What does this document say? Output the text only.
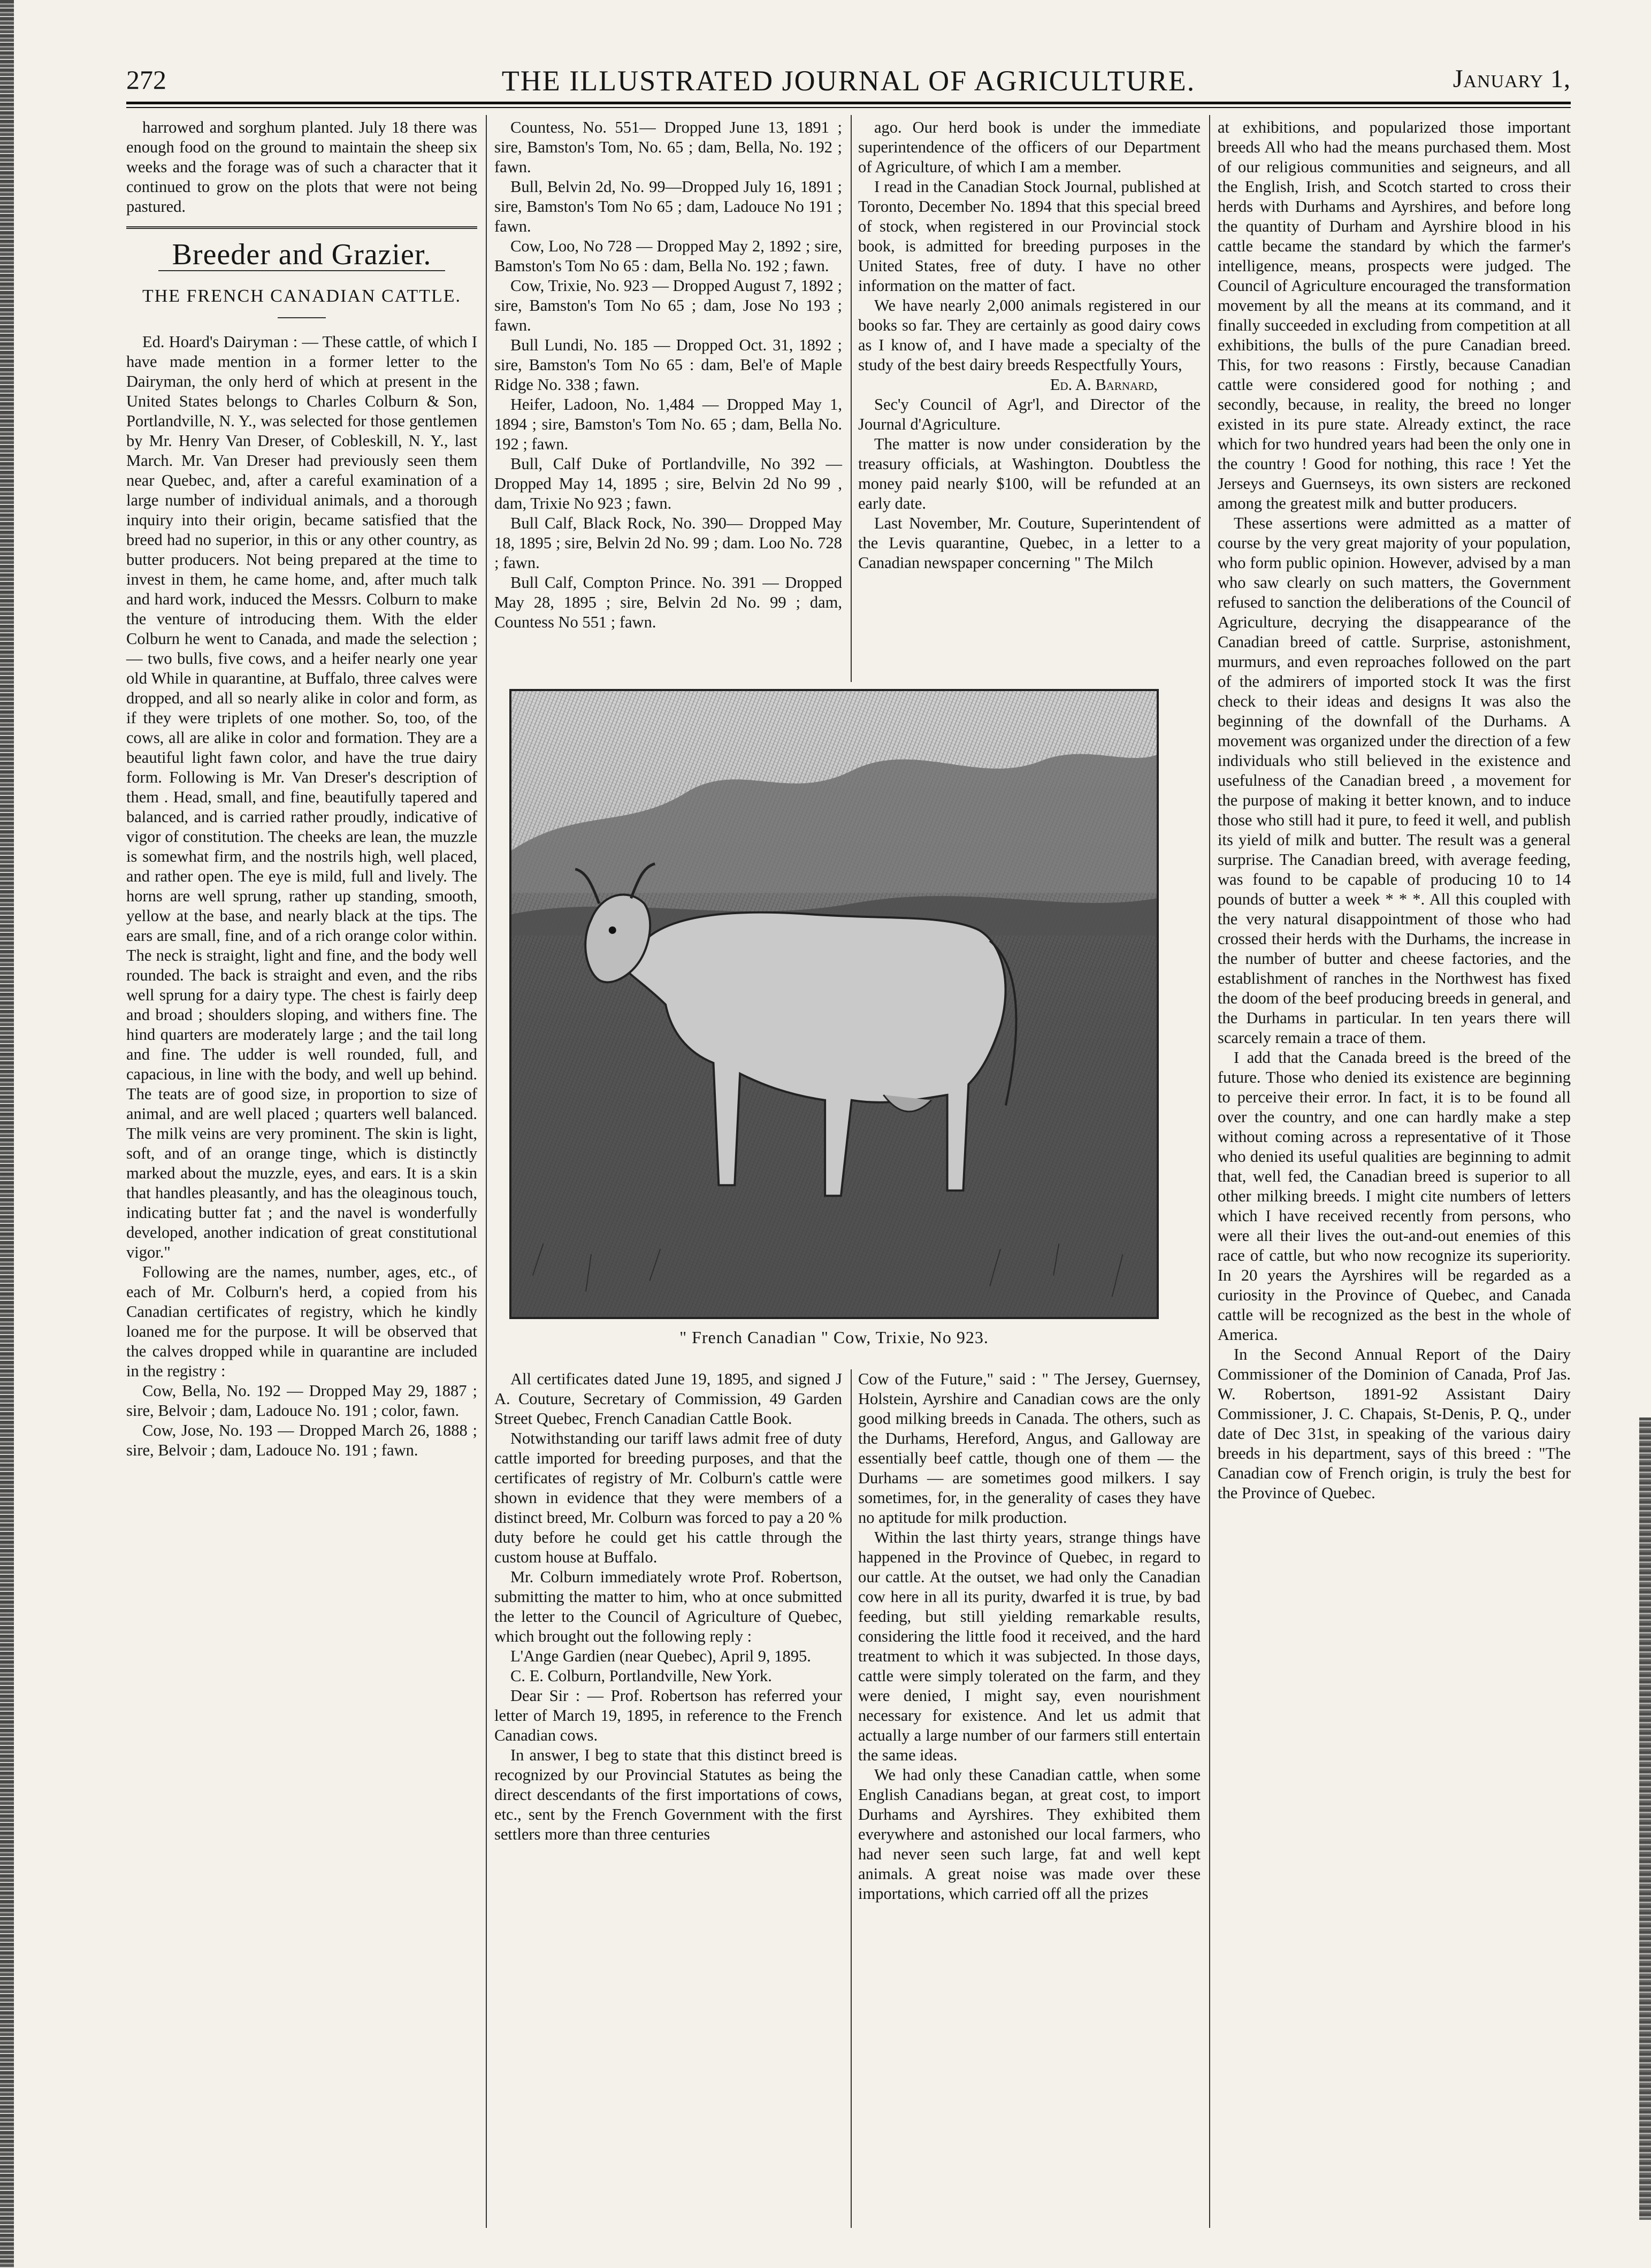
272	THE ILLUSTRATED JOURNAL OF AGRICULTURE.	January 1,

harrowed and sorghum planted. July 18 there was enough food on the ground to maintain the sheep six weeks and the forage was of such a character that it continued to grow on the plots that were not being pastured.

Breeder and Grazier.
THE FRENCH CANADIAN CATTLE.

Ed. Hoard's Dairyman : — These cattle, of which I have made mention in a former letter to the Dairyman, the only herd of which at present in the United States belongs to Charles Colburn & Son, Portlandville, N. Y., was selected for those gentlemen by Mr. Henry Van Dreser, of Cobleskill, N. Y., last March. Mr. Van Dreser had previously seen them near Quebec, and, after a careful examination of a large number of individual animals, and a thorough inquiry into their origin, became satisfied that the breed had no superior, in this or any other country, as butter producers. Not being prepared at the time to invest in them, he came home, and, after much talk and hard work, induced the Messrs. Colburn to make the venture of introducing them. With the elder Colburn he went to Canada, and made the selection ; — two bulls, five cows, and a heifer nearly one year old While in quarantine, at Buffalo, three calves were dropped, and all so nearly alike in color and form, as if they were triplets of one mother. So, too, of the cows, all are alike in color and formation. They are a beautiful light fawn color, and have the true dairy form. Following is Mr. Van Dreser's description of them . Head, small, and fine, beautifully tapered and balanced, and is carried rather proudly, indicative of vigor of constitution. The cheeks are lean, the muzzle is somewhat firm, and the nostrils high, well placed, and rather open. The eye is mild, full and lively. The horns are well sprung, rather up standing, smooth, yellow at the base, and nearly black at the tips. The ears are small, fine, and of a rich orange color within. The neck is straight, light and fine, and the body well rounded. The back is straight and even, and the ribs well sprung for a dairy type. The chest is fairly deep and broad ; shoulders sloping, and withers fine. The hind quarters are moderately large ; and the tail long and fine. The udder is well rounded, full, and capacious, in line with the body, and well up behind. The teats are of good size, in proportion to size of animal, and are well placed ; quarters well balanced. The milk veins are very prominent. The skin is light, soft, and of an orange tinge, which is distinctly marked about the muzzle, eyes, and ears. It is a skin that handles pleasantly, and has the oleaginous touch, indicating butter fat ; and the navel is wonderfully developed, another indication of great constitutional vigor."

Following are the names, number, ages, etc., of each of Mr. Colburn's herd, a copied from his Canadian certificates of registry, which he kindly loaned me for the purpose. It will be observed that the calves dropped while in quarantine are included in the registry :

Cow, Bella, No. 192 — Dropped May 29, 1887 ; sire, Belvoir ; dam, Ladouce No. 191 ; color, fawn.

Cow, Jose, No. 193 — Dropped March 26, 1888 ; sire, Belvoir ; dam, Ladouce No. 191 ; fawn.

Countess, No. 551— Dropped June 13, 1891 ; sire, Bamston's Tom, No. 65 ; dam, Bella, No. 192 ; fawn.

Bull, Belvin 2d, No. 99—Dropped July 16, 1891 ; sire, Bamston's Tom No 65 ; dam, Ladouce No 191 ; fawn.

Cow, Loo, No 728 — Dropped May 2, 1892 ; sire, Bamston's Tom No 65 : dam, Bella No. 192 ; fawn.

Cow, Trixie, No. 923 — Dropped August 7, 1892 ; sire, Bamston's Tom No 65 ; dam, Jose No 193 ; fawn.

Bull Lundi, No. 185 — Dropped Oct. 31, 1892 ; sire, Bamston's Tom No 65 : dam, Bel'e of Maple Ridge No. 338 ; fawn.

Heifer, Ladoon, No. 1,484 — Dropped May 1, 1894 ; sire, Bamston's Tom No. 65 ; dam, Bella No. 192 ; fawn.

Bull, Calf Duke of Portlandville, No 392 — Dropped May 14, 1895 ; sire, Belvin 2d No 99 , dam, Trixie No 923 ; fawn.

Bull Calf, Black Rock, No. 390— Dropped May 18, 1895 ; sire, Belvin 2d No. 99 ; dam. Loo No. 728 ; fawn.

Bull Calf, Compton Prince. No. 391 — Dropped May 28, 1895 ; sire, Belvin 2d No. 99 ; dam, Countess No 551 ; fawn.

ago. Our herd book is under the immediate superintendence of the officers of our Department of Agriculture, of which I am a member.

I read in the Canadian Stock Journal, published at Toronto, December No. 1894 that this special breed of stock, when registered in our Provincial stock book, is admitted for breeding purposes in the United States, free of duty. I have no other information on the matter of fact.

We have nearly 2,000 animals registered in our books so far. They are certainly as good dairy cows as I know of, and I have made a specialty of the study of the best dairy breeds Respectfully Yours,

Ed. A. Barnard,

Sec'y Council of Agr'l, and Director of the Journal d'Agriculture.

The matter is now under consideration by the treasury officials, at Washington. Doubtless the money paid nearly $100, will be refunded at an early date.

Last November, Mr. Couture, Superintendent of the Levis quarantine, Quebec, in a letter to a Canadian newspaper concerning " The Milch

" French Canadian " Cow, Trixie, No 923.

All certificates dated June 19, 1895, and signed J A. Couture, Secretary of Commission, 49 Garden Street Quebec, French Canadian Cattle Book.

Notwithstanding our tariff laws admit free of duty cattle imported for breeding purposes, and that the certificates of registry of Mr. Colburn's cattle were shown in evidence that they were members of a distinct breed, Mr. Colburn was forced to pay a 20 % duty before he could get his cattle through the custom house at Buffalo.

Mr. Colburn immediately wrote Prof. Robertson, submitting the matter to him, who at once submitted the letter to the Council of Agriculture of Quebec, which brought out the following reply :

L'Ange Gardien (near Quebec), April 9, 1895.

C. E. Colburn, Portlandville, New York.

Dear Sir : — Prof. Robertson has referred your letter of March 19, 1895, in reference to the French Canadian cows.

In answer, I beg to state that this distinct breed is recognized by our Provincial Statutes as being the direct descendants of the first importations of cows, etc., sent by the French Government with the first settlers more than three centuries

Cow of the Future," said : " The Jersey, Guernsey, Holstein, Ayrshire and Canadian cows are the only good milking breeds in Canada. The others, such as the Durhams, Hereford, Angus, and Galloway are essentially beef cattle, though one of them — the Durhams — are sometimes good milkers. I say sometimes, for, in the generality of cases they have no aptitude for milk production.

Within the last thirty years, strange things have happened in the Province of Quebec, in regard to our cattle. At the outset, we had only the Canadian cow here in all its purity, dwarfed it is true, by bad feeding, but still yielding remarkable results, considering the little food it received, and the hard treatment to which it was subjected. In those days, cattle were simply tolerated on the farm, and they were denied, I might say, even nourishment necessary for existence. And let us admit that actually a large number of our farmers still entertain the same ideas.

We had only these Canadian cattle, when some English Canadians began, at great cost, to import Durhams and Ayrshires. They exhibited them everywhere and astonished our local farmers, who had never seen such large, fat and well kept animals. A great noise was made over these importations, which carried off all the prizes

at exhibitions, and popularized those important breeds All who had the means purchased them. Most of our religious communities and seigneurs, and all the English, Irish, and Scotch started to cross their herds with Durhams and Ayrshires, and before long the quantity of Durham and Ayrshire blood in his cattle became the standard by which the farmer's intelligence, means, prospects were judged. The Council of Agriculture encouraged the transformation movement by all the means at its command, and it finally succeeded in excluding from competition at all exhibitions, the bulls of the pure Canadian breed. This, for two reasons : Firstly, because Canadian cattle were considered good for nothing ; and secondly, because, in reality, the breed no longer existed in its pure state. Already extinct, the race which for two hundred years had been the only one in the country ! Good for nothing, this race ! Yet the Jerseys and Guernseys, its own sisters are reckoned among the greatest milk and butter producers.

These assertions were admitted as a matter of course by the very great majority of your population, who form public opinion. However, advised by a man who saw clearly on such matters, the Government refused to sanction the deliberations of the Council of Agriculture, decrying the disappearance of the Canadian breed of cattle. Surprise, astonishment, murmurs, and even reproaches followed on the part of the admirers of imported stock It was the first check to their ideas and designs It was also the beginning of the downfall of the Durhams. A movement was organized under the direction of a few individuals who still believed in the existence and usefulness of the Canadian breed , a movement for the purpose of making it better known, and to induce those who still had it pure, to feed it well, and publish its yield of milk and butter. The result was a general surprise. The Canadian breed, with average feeding, was found to be capable of producing 10 to 14 pounds of butter a week * * *. All this coupled with the very natural disappointment of those who had crossed their herds with the Durhams, the increase in the number of butter and cheese factories, and the establishment of ranches in the Northwest has fixed the doom of the beef producing breeds in general, and the Durhams in particular. In ten years there will scarcely remain a trace of them.

I add that the Canada breed is the breed of the future. Those who denied its existence are beginning to perceive their error. In fact, it is to be found all over the country, and one can hardly make a step without coming across a representative of it Those who denied its useful qualities are beginning to admit that, well fed, the Canadian breed is superior to all other milking breeds. I might cite numbers of letters which I have received recently from persons, who were all their lives the out-and-out enemies of this race of cattle, but who now recognize its superiority. In 20 years the Ayrshires will be regarded as a curiosity in the Province of Quebec, and Canada cattle will be recognized as the best in the whole of America.

In the Second Annual Report of the Dairy Commissioner of the Dominion of Canada, Prof Jas. W. Robertson, 1891-92 Assistant Dairy Commissioner, J. C. Chapais, St-Denis, P. Q., under date of Dec 31st, in speaking of the various dairy breeds in his department, says of this breed : "The Canadian cow of French origin, is truly the best for the Province of Quebec.
